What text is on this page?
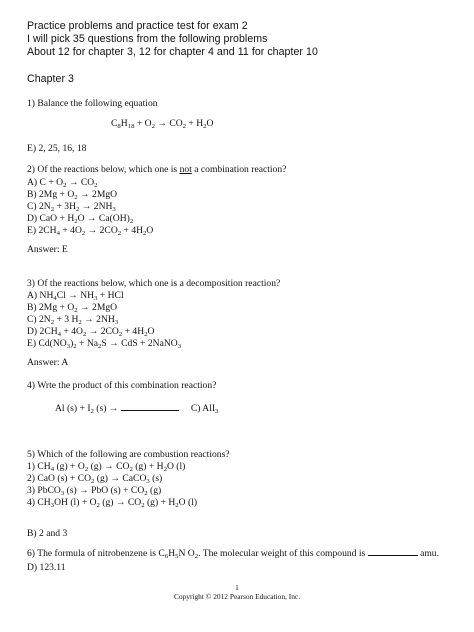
Practice problems and practice test for exam 2
I will pick 35 questions from the following problems
About 12 for chapter 3, 12 for chapter 4 and 11 for chapter 10
Chapter 3
1) Balance the following equation
$C_8H_{18} + O_2 \to CO_2 + H_2O$
E) 2, 25, 16, 18
2) Of the reactions below, which one is not a combination reaction?
A) $C + O_2 \to CO_2$
B) $2Mg + O_2 \to 2MgO$
C) $2N_2 + 3H_2 \to 2NH_3$
D) CaO + $H_2O \to Ca(OH)_2$
E) $2CH_4 + 4O_2 \to 2CO_2 + 4H_2O$
Answer: E
3) Of the reactions below, which one is a decomposition reaction?
A) $NH_4Cl \to NH_3$ + HCl
B) $2Mg + O_2 \to 2MgO$
C) $2N_2 + 3$ $H_2 \to 2NH_3$
D) $2CH_4 + 4O_2 \to 2CO_2 + 4H_2O$
E) $Cd(NO_3)_2 + Na_2S$ → CdS + 2NaNO$_3$
Answer: A
4) Wrte the product of this combination reaction?
Al $(s) + I_2$ (s) →	C) AlI$_3$
5) Which of the following are combustion reactions?
1) $CH_4$ $(g) + O_2$ $(g) \to CO_2$ $(g) + H_2O$ (l)
2) CaO $(s) + CO_2$ (g) → CaCO$_3$ (s)
3) PbCO$_3$ (s) → PbO $(s) + CO_2$ (g)
4) $CH_3OH$ $(l) + O_2$ $(g) \to CO_2$ $(g) + H_2O$ (l)
B) 2 and 3
6) The formula of nitrobenzene is $C_6H_5N$ $O_2$. The molecular weight of this compound is	amu.
D) 123.11
1
Copyright © 2012 Pearson Education, Inc.
